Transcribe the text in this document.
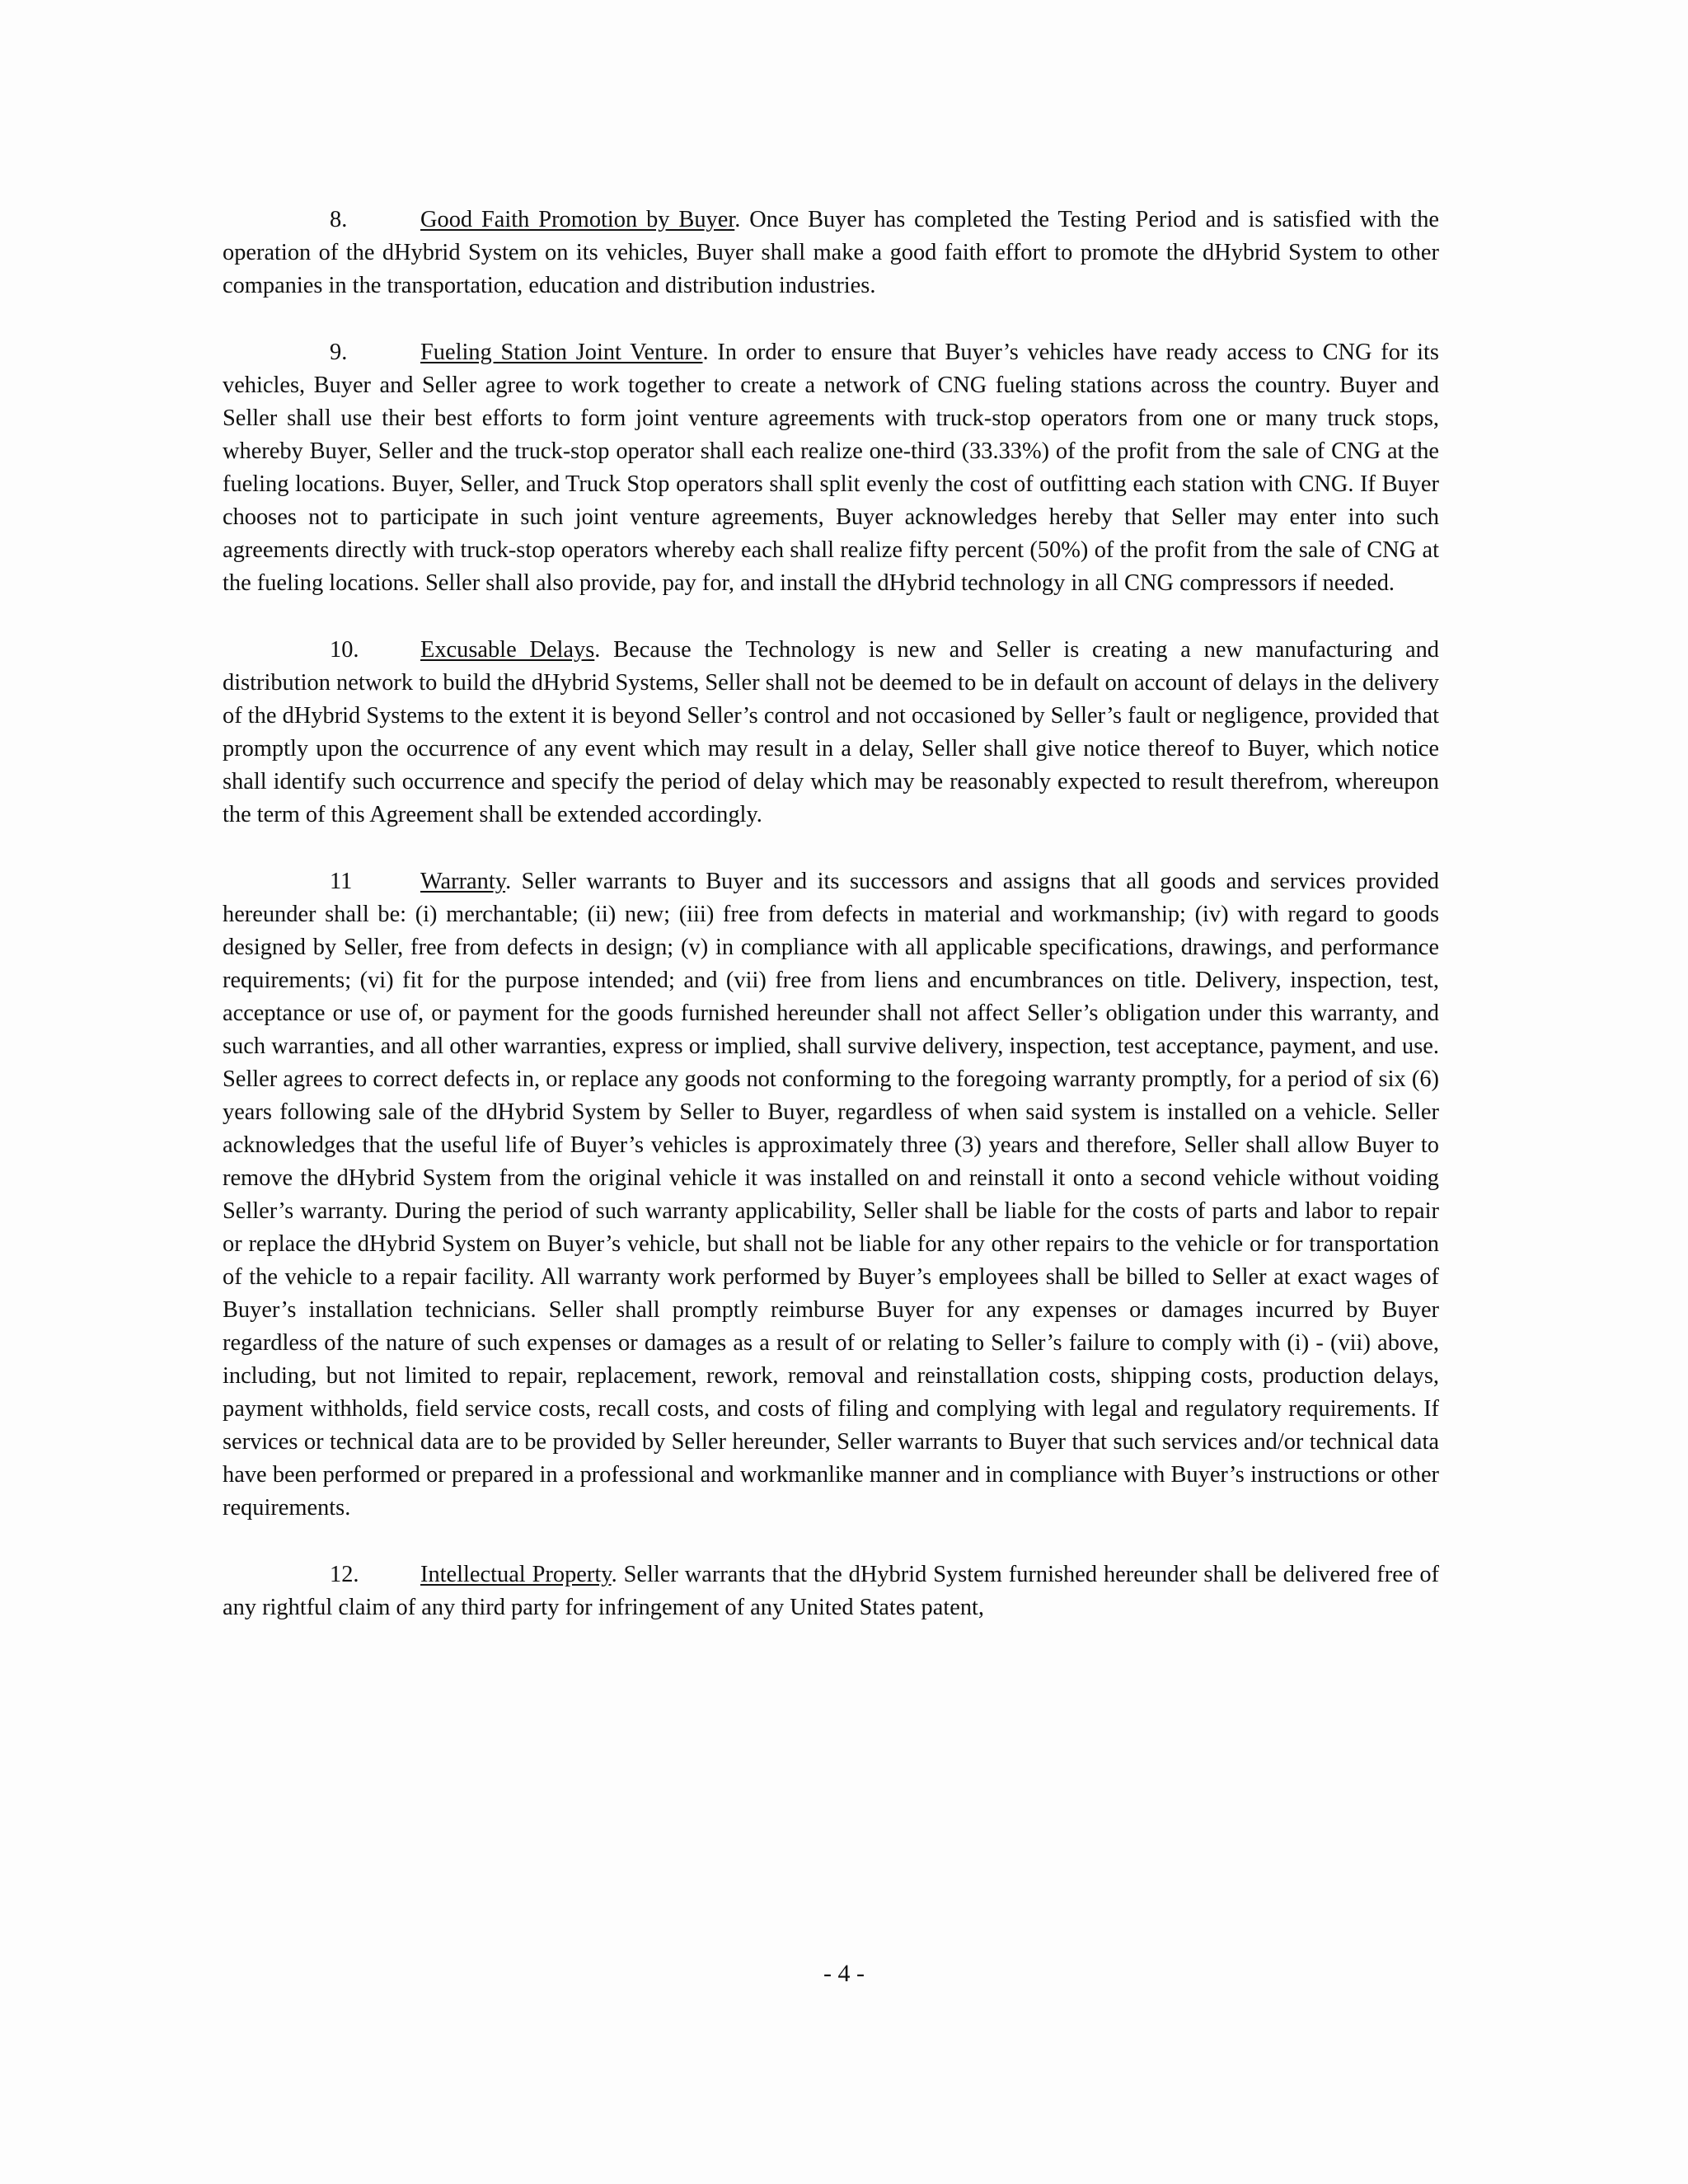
8.	Good Faith Promotion by Buyer. Once Buyer has completed the Testing Period and is satisfied with the operation of the dHybrid System on its vehicles, Buyer shall make a good faith effort to promote the dHybrid System to other companies in the transportation, education and distribution industries.

9.	Fueling Station Joint Venture. In order to ensure that Buyer’s vehicles have ready access to CNG for its vehicles, Buyer and Seller agree to work together to create a network of CNG fueling stations across the country. Buyer and Seller shall use their best efforts to form joint venture agreements with truck-stop operators from one or many truck stops, whereby Buyer, Seller and the truck-stop operator shall each realize one-third (33.33%) of the profit from the sale of CNG at the fueling locations. Buyer, Seller, and Truck Stop operators shall split evenly the cost of outfitting each station with CNG. If Buyer chooses not to participate in such joint venture agreements, Buyer acknowledges hereby that Seller may enter into such agreements directly with truck-stop operators whereby each shall realize fifty percent (50%) of the profit from the sale of CNG at the fueling locations. Seller shall also provide, pay for, and install the dHybrid technology in all CNG compressors if needed.

10.	Excusable Delays. Because the Technology is new and Seller is creating a new manufacturing and distribution network to build the dHybrid Systems, Seller shall not be deemed to be in default on account of delays in the delivery of the dHybrid Systems to the extent it is beyond Seller’s control and not occasioned by Seller’s fault or negligence, provided that promptly upon the occurrence of any event which may result in a delay, Seller shall give notice thereof to Buyer, which notice shall identify such occurrence and specify the period of delay which may be reasonably expected to result therefrom, whereupon the term of this Agreement shall be extended accordingly.

11	Warranty. Seller warrants to Buyer and its successors and assigns that all goods and services provided hereunder shall be: (i) merchantable; (ii) new; (iii) free from defects in material and workmanship; (iv) with regard to goods designed by Seller, free from defects in design; (v) in compliance with all applicable specifications, drawings, and performance requirements; (vi) fit for the purpose intended; and (vii) free from liens and encumbrances on title. Delivery, inspection, test, acceptance or use of, or payment for the goods furnished hereunder shall not affect Seller’s obligation under this warranty, and such warranties, and all other warranties, express or implied, shall survive delivery, inspection, test acceptance, payment, and use. Seller agrees to correct defects in, or replace any goods not conforming to the foregoing warranty promptly, for a period of six (6) years following sale of the dHybrid System by Seller to Buyer, regardless of when said system is installed on a vehicle. Seller acknowledges that the useful life of Buyer’s vehicles is approximately three (3) years and therefore, Seller shall allow Buyer to remove the dHybrid System from the original vehicle it was installed on and reinstall it onto a second vehicle without voiding Seller’s warranty. During the period of such warranty applicability, Seller shall be liable for the costs of parts and labor to repair or replace the dHybrid System on Buyer’s vehicle, but shall not be liable for any other repairs to the vehicle or for transportation of the vehicle to a repair facility. All warranty work performed by Buyer’s employees shall be billed to Seller at exact wages of Buyer’s installation technicians. Seller shall promptly reimburse Buyer for any expenses or damages incurred by Buyer regardless of the nature of such expenses or damages as a result of or relating to Seller’s failure to comply with (i) - (vii) above, including, but not limited to repair, replacement, rework, removal and reinstallation costs, shipping costs, production delays, payment withholds, field service costs, recall costs, and costs of filing and complying with legal and regulatory requirements. If services or technical data are to be provided by Seller hereunder, Seller warrants to Buyer that such services and/or technical data have been performed or prepared in a professional and workmanlike manner and in compliance with Buyer’s instructions or other requirements.

12.	Intellectual Property. Seller warrants that the dHybrid System furnished hereunder shall be delivered free of any rightful claim of any third party for infringement of any United States patent,

- 4 -
